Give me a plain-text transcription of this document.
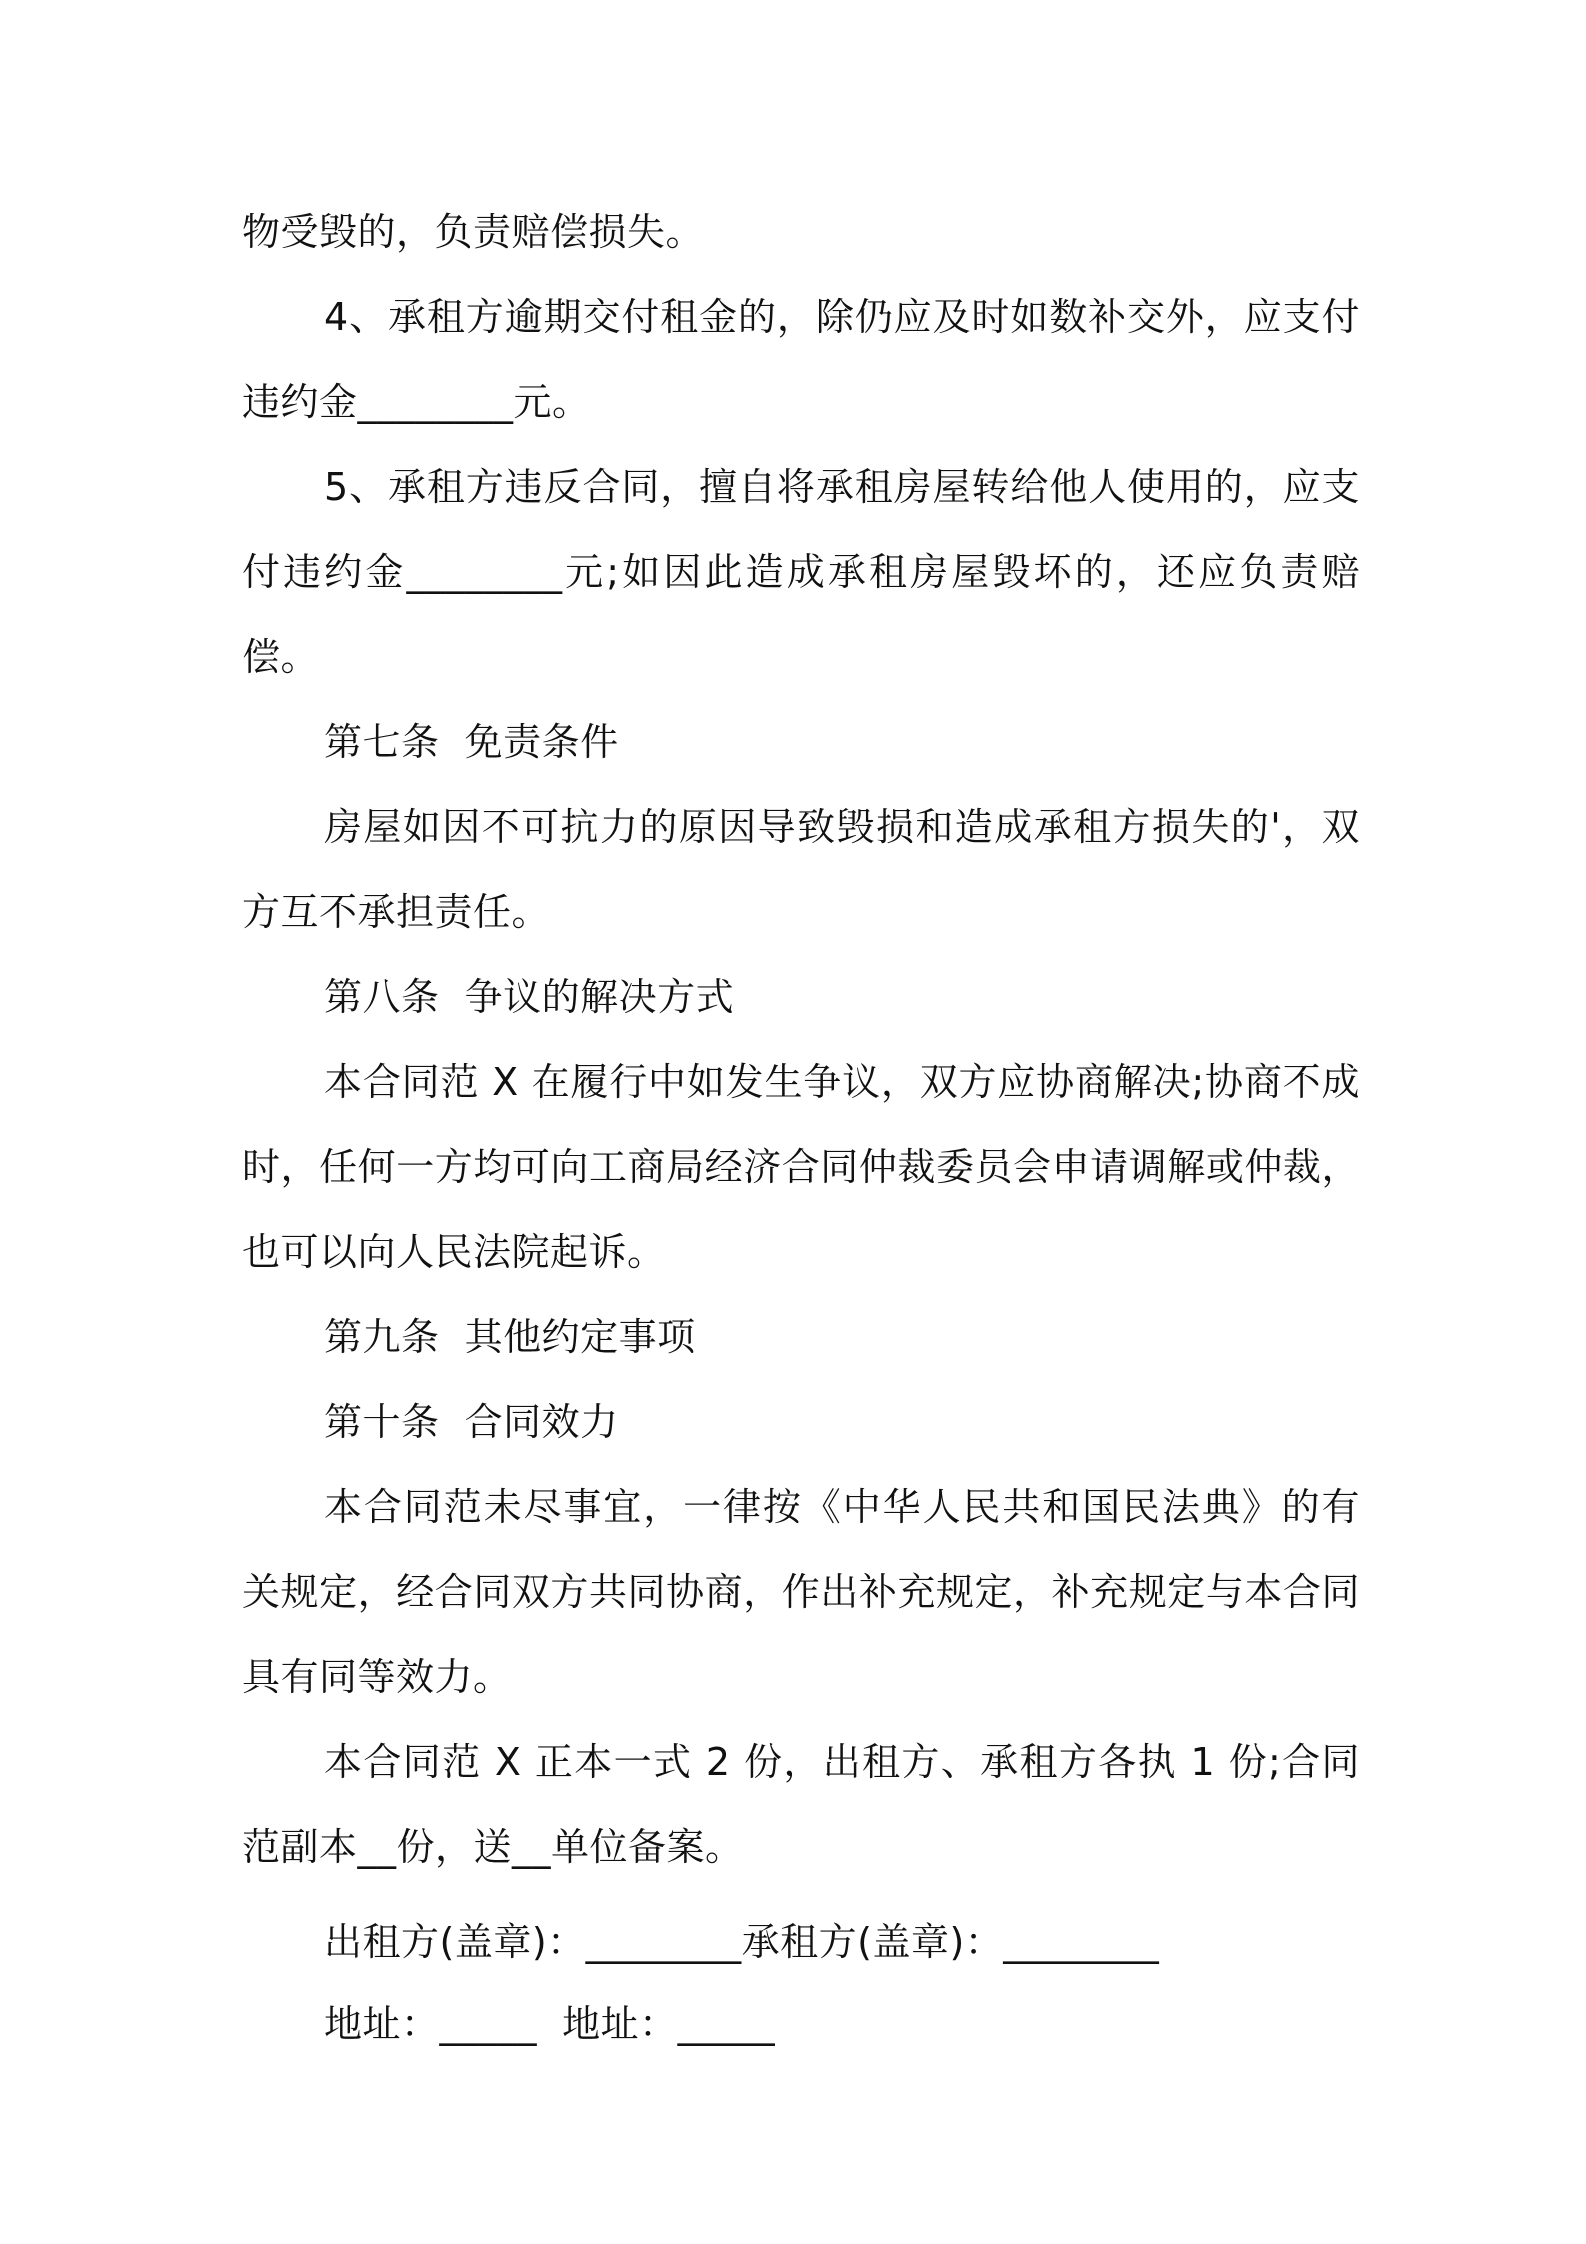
物受毁的，负责赔偿损失。

4、承租方逾期交付租金的，除仍应及时如数补交外，应支付违约金________元。

5、承租方违反合同，擅自将承租房屋转给他人使用的，应支付违约金________元;如因此造成承租房屋毁坏的，还应负责赔偿。

第七条  免责条件

房屋如因不可抗力的原因导致毁损和造成承租方损失的'，双方互不承担责任。

第八条  争议的解决方式

本合同范 X 在履行中如发生争议，双方应协商解决;协商不成时，任何一方均可向工商局经济合同仲裁委员会申请调解或仲裁，也可以向人民法院起诉。

第九条  其他约定事项

第十条  合同效力

本合同范未尽事宜，一律按《中华人民共和国民法典》的有关规定，经合同双方共同协商，作出补充规定，补充规定与本合同具有同等效力。

本合同范 X 正本一式 2 份，出租方、承租方各执 1 份;合同范副本__份，送__单位备案。

出租方(盖章)：________承租方(盖章)：________

地址：_____  地址：_____
